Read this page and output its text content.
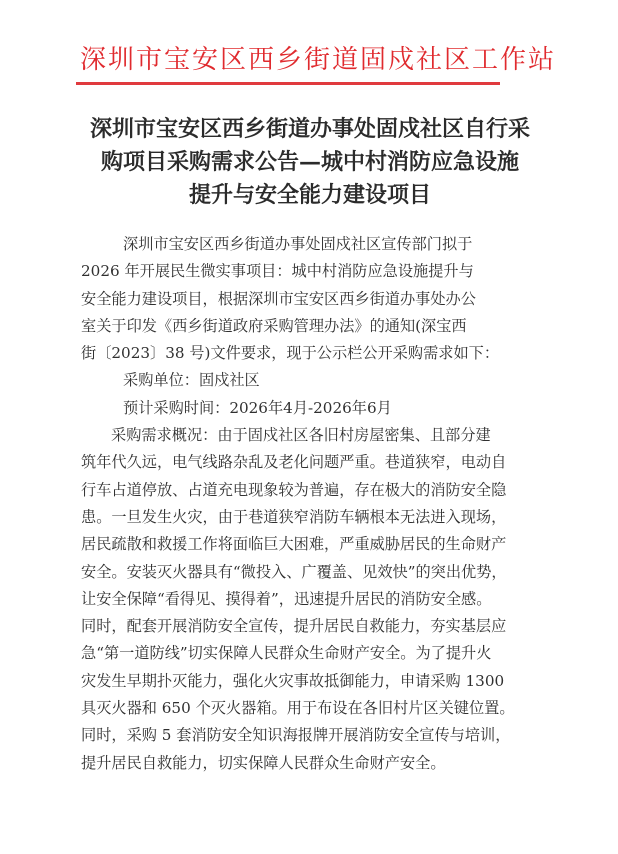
深圳市宝安区西乡街道固戍社区工作站
深圳市宝安区西乡街道办事处固戍社区自行采
购项目采购需求公告—城中村消防应急设施
提升与安全能力建设项目
深圳市宝安区西乡街道办事处固戍社区宣传部门拟于
2026 年开展民生微实事项目：城中村消防应急设施提升与
安全能力建设项目，根据深圳市宝安区西乡街道办事处办公
室关于印发《西乡街道政府采购管理办法》的通知(深宝西
街〔2023〕38 号)文件要求，现于公示栏公开采购需求如下：
采购单位：固戍社区
预计采购时间：2026年4月-2026年6月
采购需求概况：由于固戍社区各旧村房屋密集、且部分建
筑年代久远，电气线路杂乱及老化问题严重。巷道狭窄，电动自
行车占道停放、占道充电现象较为普遍，存在极大的消防安全隐
患。一旦发生火灾，由于巷道狭窄消防车辆根本无法进入现场，
居民疏散和救援工作将面临巨大困难，严重威胁居民的生命财产
安全。安装灭火器具有“微投入、广覆盖、见效快”的突出优势，
让安全保障“看得见、摸得着”，迅速提升居民的消防安全感。
同时，配套开展消防安全宣传，提升居民自救能力，夯实基层应
急“第一道防线”切实保障人民群众生命财产安全。为了提升火
灾发生早期扑灭能力，强化火灾事故抵御能力，申请采购 1300
具灭火器和 650 个灭火器箱。用于布设在各旧村片区关键位置。
同时，采购 5 套消防安全知识海报牌开展消防安全宣传与培训，
提升居民自救能力，切实保障人民群众生命财产安全。
